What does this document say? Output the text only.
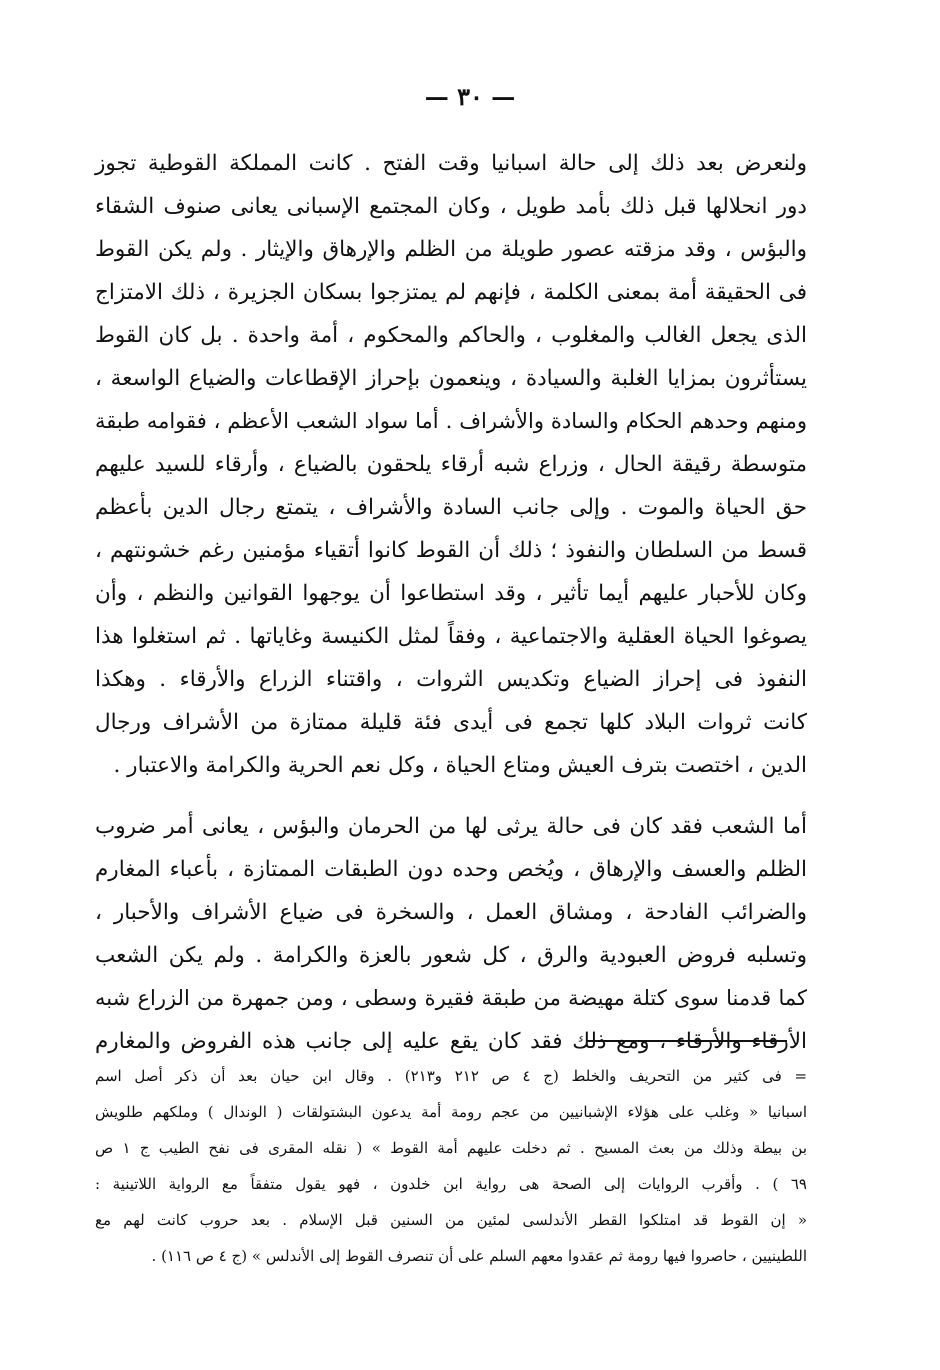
— ٣٠ —
ولنعرض بعد ذلك إلى حالة اسبانيا وقت الفتح . كانت المملكة القوطية تجوز
دور انحلالها قبل ذلك بأمد طويل ، وكان المجتمع الإسبانى يعانى صنوف الشقاء
والبؤس ، وقد مزقته عصور طويلة من الظلم والإرهاق والإيثار . ولم يكن القوط
فى الحقيقة أمة بمعنى الكلمة ، فإنهم لم يمتزجوا بسكان الجزيرة ، ذلك الامتزاج
الذى يجعل الغالب والمغلوب ، والحاكم والمحكوم ، أمة واحدة . بل كان القوط
يستأثرون بمزايا الغلبة والسيادة ، وينعمون بإحراز الإقطاعات والضياع الواسعة ،
ومنهم وحدهم الحكام والسادة والأشراف . أما سواد الشعب الأعظم ، فقوامه طبقة
متوسطة رقيقة الحال ، وزراع شبه أرقاء يلحقون بالضياع ، وأرقاء للسيد عليهم
حق الحياة والموت . وإلى جانب السادة والأشراف ، يتمتع رجال الدين بأعظم
قسط من السلطان والنفوذ ؛ ذلك أن القوط كانوا أتقياء مؤمنين رغم خشونتهم ،
وكان للأحبار عليهم أيما تأثير ، وقد استطاعوا أن يوجهوا القوانين والنظم ، وأن
يصوغوا الحياة العقلية والاجتماعية ، وفقاً لمثل الكنيسة وغاياتها . ثم استغلوا هذا
النفوذ فى إحراز الضياع وتكديس الثروات ، واقتناء الزراع والأرقاء . وهكذا
كانت ثروات البلاد كلها تجمع فى أيدى فئة قليلة ممتازة من الأشراف ورجال
الدين ، اختصت بترف العيش ومتاع الحياة ، وكل نعم الحرية والكرامة والاعتبار .
أما الشعب فقد كان فى حالة يرثى لها من الحرمان والبؤس ، يعانى أمر ضروب
الظلم والعسف والإرهاق ، ويُخص وحده دون الطبقات الممتازة ، بأعباء المغارم
والضرائب الفادحة ، ومشاق العمل ، والسخرة فى ضياع الأشراف والأحبار ،
وتسلبه فروض العبودية والرق ، كل شعور بالعزة والكرامة . ولم يكن الشعب
كما قدمنا سوى كتلة مهيضة من طبقة فقيرة وسطى ، ومن جمهرة من الزراع شبه
الأرقاء والأرقاء ، ومع ذلك فقد كان يقع عليه إلى جانب هذه الفروض والمغارم
= فى كثير من التحريف والخلط (ج ٤ ص ٢١٢ و٢١٣) . وقال ابن حيان بعد أن ذكر أصل اسم
اسبانيا « وغلب على هؤلاء الإشبانيين من عجم رومة أمة يدعون البشتولقات ( الوندال ) وملكهم طلويش
بن بيطة وذلك من بعث المسيح . ثم دخلت عليهم أمة القوط » ( نقله المقرى فى نفح الطيب ج ١ ص
٦٩ ) . وأقرب الروايات إلى الصحة هى رواية ابن خلدون ، فهو يقول متفقاً مع الرواية اللاتينية :
« إن القوط قد امتلكوا القطر الأندلسى لمئين من السنين قبل الإسلام . بعد حروب كانت لهم مع
اللطينيين ، حاصروا فيها رومة ثم عقدوا معهم السلم على أن تنصرف القوط إلى الأندلس » (ج ٤ ص ١١٦) .
